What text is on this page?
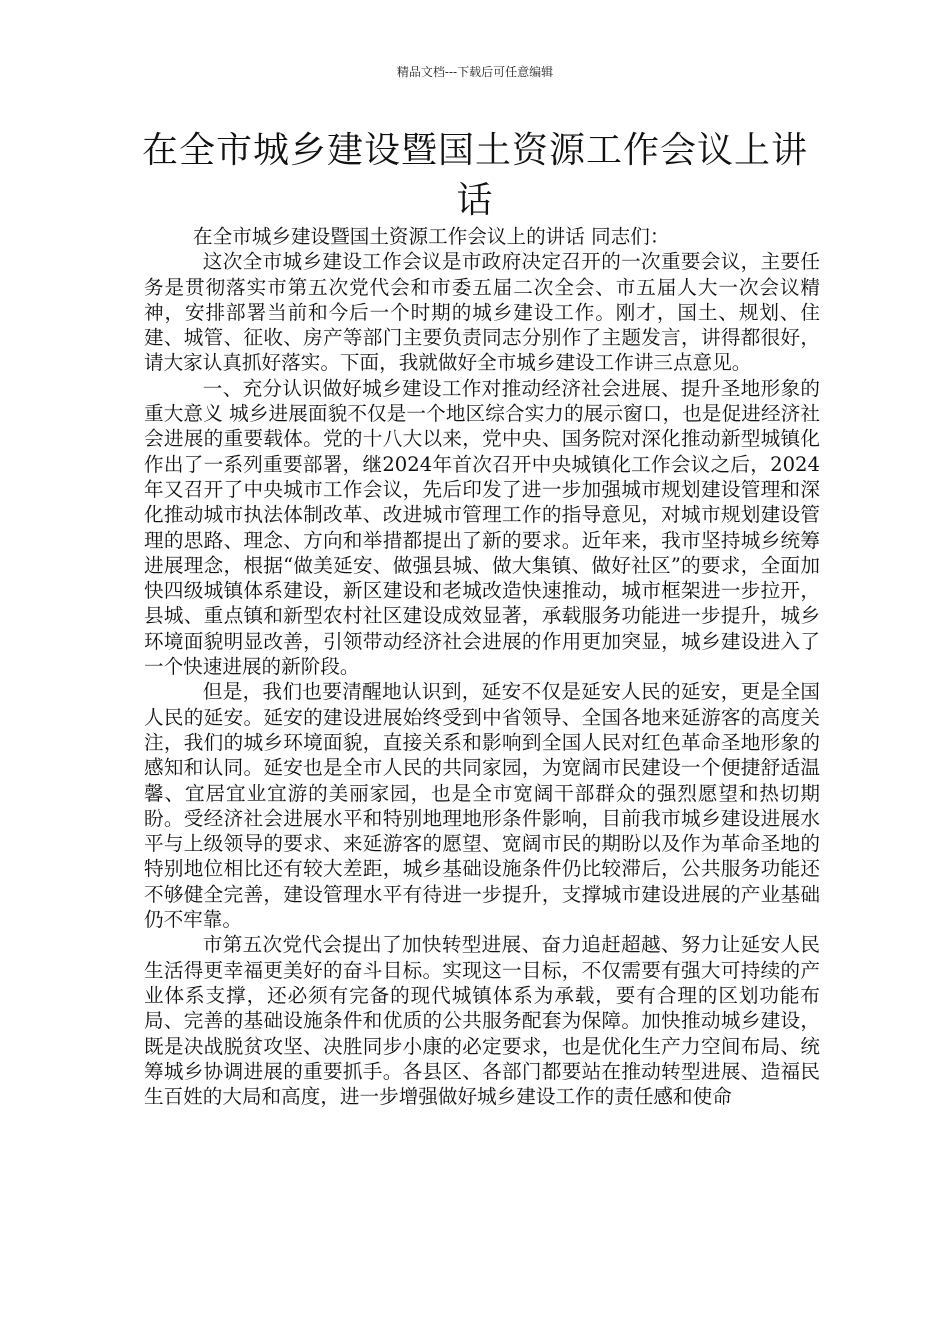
精品文档---下载后可任意编辑
在全市城乡建设暨国土资源工作会议上讲话

在全市城乡建设暨国土资源工作会议上的讲话 同志们：

这次全市城乡建设工作会议是市政府决定召开的一次重要会议，主要任务是贯彻落实市第五次党代会和市委五届二次全会、市五届人大一次会议精神，安排部署当前和今后一个时期的城乡建设工作。刚才，国土、规划、住建、城管、征收、房产等部门主要负责同志分别作了主题发言，讲得都很好，请大家认真抓好落实。下面，我就做好全市城乡建设工作讲三点意见。

一、充分认识做好城乡建设工作对推动经济社会进展、提升圣地形象的重大意义 城乡进展面貌不仅是一个地区综合实力的展示窗口，也是促进经济社会进展的重要载体。党的十八大以来，党中央、国务院对深化推动新型城镇化作出了一系列重要部署，继2024年首次召开中央城镇化工作会议之后，2024年又召开了中央城市工作会议，先后印发了进一步加强城市规划建设管理和深化推动城市执法体制改革、改进城市管理工作的指导意见，对城市规划建设管理的思路、理念、方向和举措都提出了新的要求。近年来，我市坚持城乡统筹进展理念，根据“做美延安、做强县城、做大集镇、做好社区”的要求，全面加快四级城镇体系建设，新区建设和老城改造快速推动，城市框架进一步拉开，县城、重点镇和新型农村社区建设成效显著，承载服务功能进一步提升，城乡环境面貌明显改善，引领带动经济社会进展的作用更加突显，城乡建设进入了一个快速进展的新阶段。

但是，我们也要清醒地认识到，延安不仅是延安人民的延安，更是全国人民的延安。延安的建设进展始终受到中省领导、全国各地来延游客的高度关注，我们的城乡环境面貌，直接关系和影响到全国人民对红色革命圣地形象的感知和认同。延安也是全市人民的共同家园，为宽阔市民建设一个便捷舒适温馨、宜居宜业宜游的美丽家园，也是全市宽阔干部群众的强烈愿望和热切期盼。受经济社会进展水平和特别地理地形条件影响，目前我市城乡建设进展水平与上级领导的要求、来延游客的愿望、宽阔市民的期盼以及作为革命圣地的特别地位相比还有较大差距，城乡基础设施条件仍比较滞后，公共服务功能还不够健全完善，建设管理水平有待进一步提升，支撑城市建设进展的产业基础仍不牢靠。

市第五次党代会提出了加快转型进展、奋力追赶超越、努力让延安人民生活得更幸福更美好的奋斗目标。实现这一目标，不仅需要有强大可持续的产业体系支撑，还必须有完备的现代城镇体系为承载，要有合理的区划功能布局、完善的基础设施条件和优质的公共服务配套为保障。加快推动城乡建设，既是决战脱贫攻坚、决胜同步小康的必定要求，也是优化生产力空间布局、统筹城乡协调进展的重要抓手。各县区、各部门都要站在推动转型进展、造福民生百姓的大局和高度，进一步增强做好城乡建设工作的责任感和使命
